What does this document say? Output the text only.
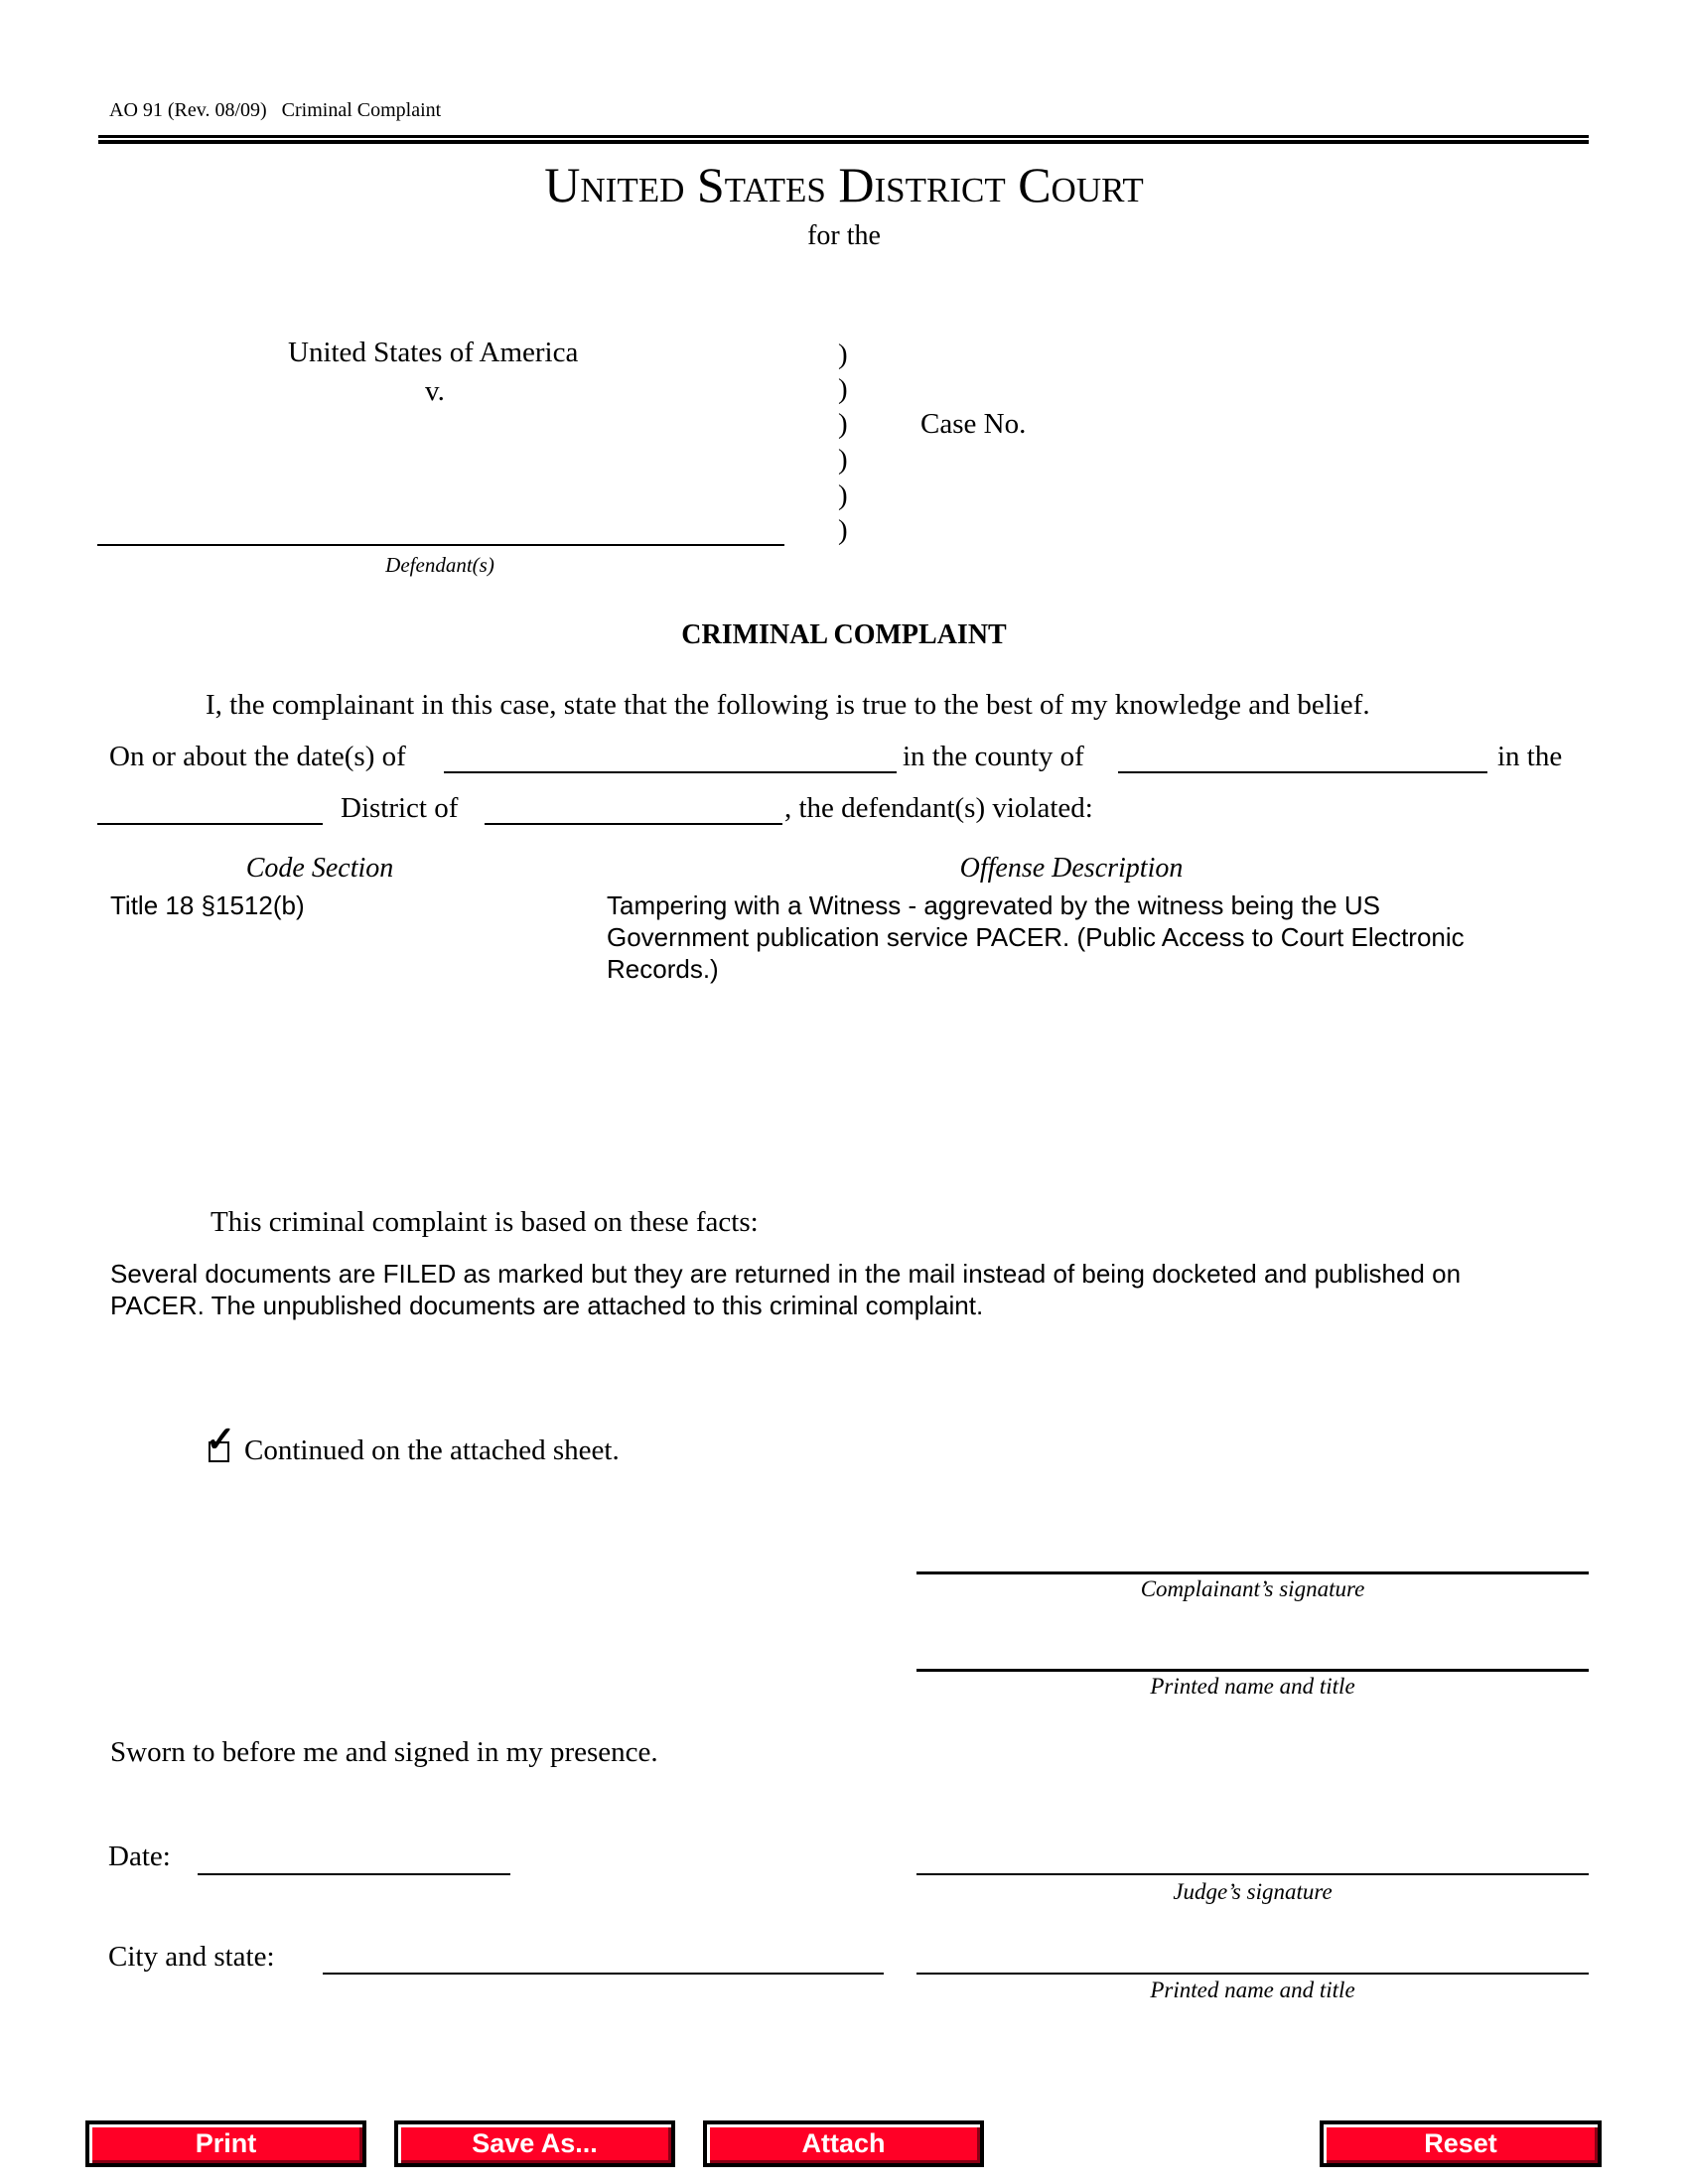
AO 91 (Rev. 08/09)   Criminal Complaint
United States District Court
for the
United States of America
v.
)
)
)
)
)
)
Case No.
Defendant(s)
CRIMINAL COMPLAINT
I, the complainant in this case, state that the following is true to the best of my knowledge and belief.
On or about the date(s) of	in the county of	in the
District of	, the defendant(s) violated:
Code Section	Offense Description
Title 18 §1512(b)	Tampering with a Witness - aggrevated by the witness being the US
Government publication service PACER. (Public Access to Court Electronic
Records.)
This criminal complaint is based on these facts:
Several documents are FILED as marked but they are returned in the mail instead of being docketed and published on
PACER. The unpublished documents are attached to this criminal complaint.
✓ Continued on the attached sheet.
Complainant’s signature
Printed name and title
Sworn to before me and signed in my presence.
Date:
Judge’s signature
City and state:
Printed name and title
Print	Save As...	Attach	Reset
